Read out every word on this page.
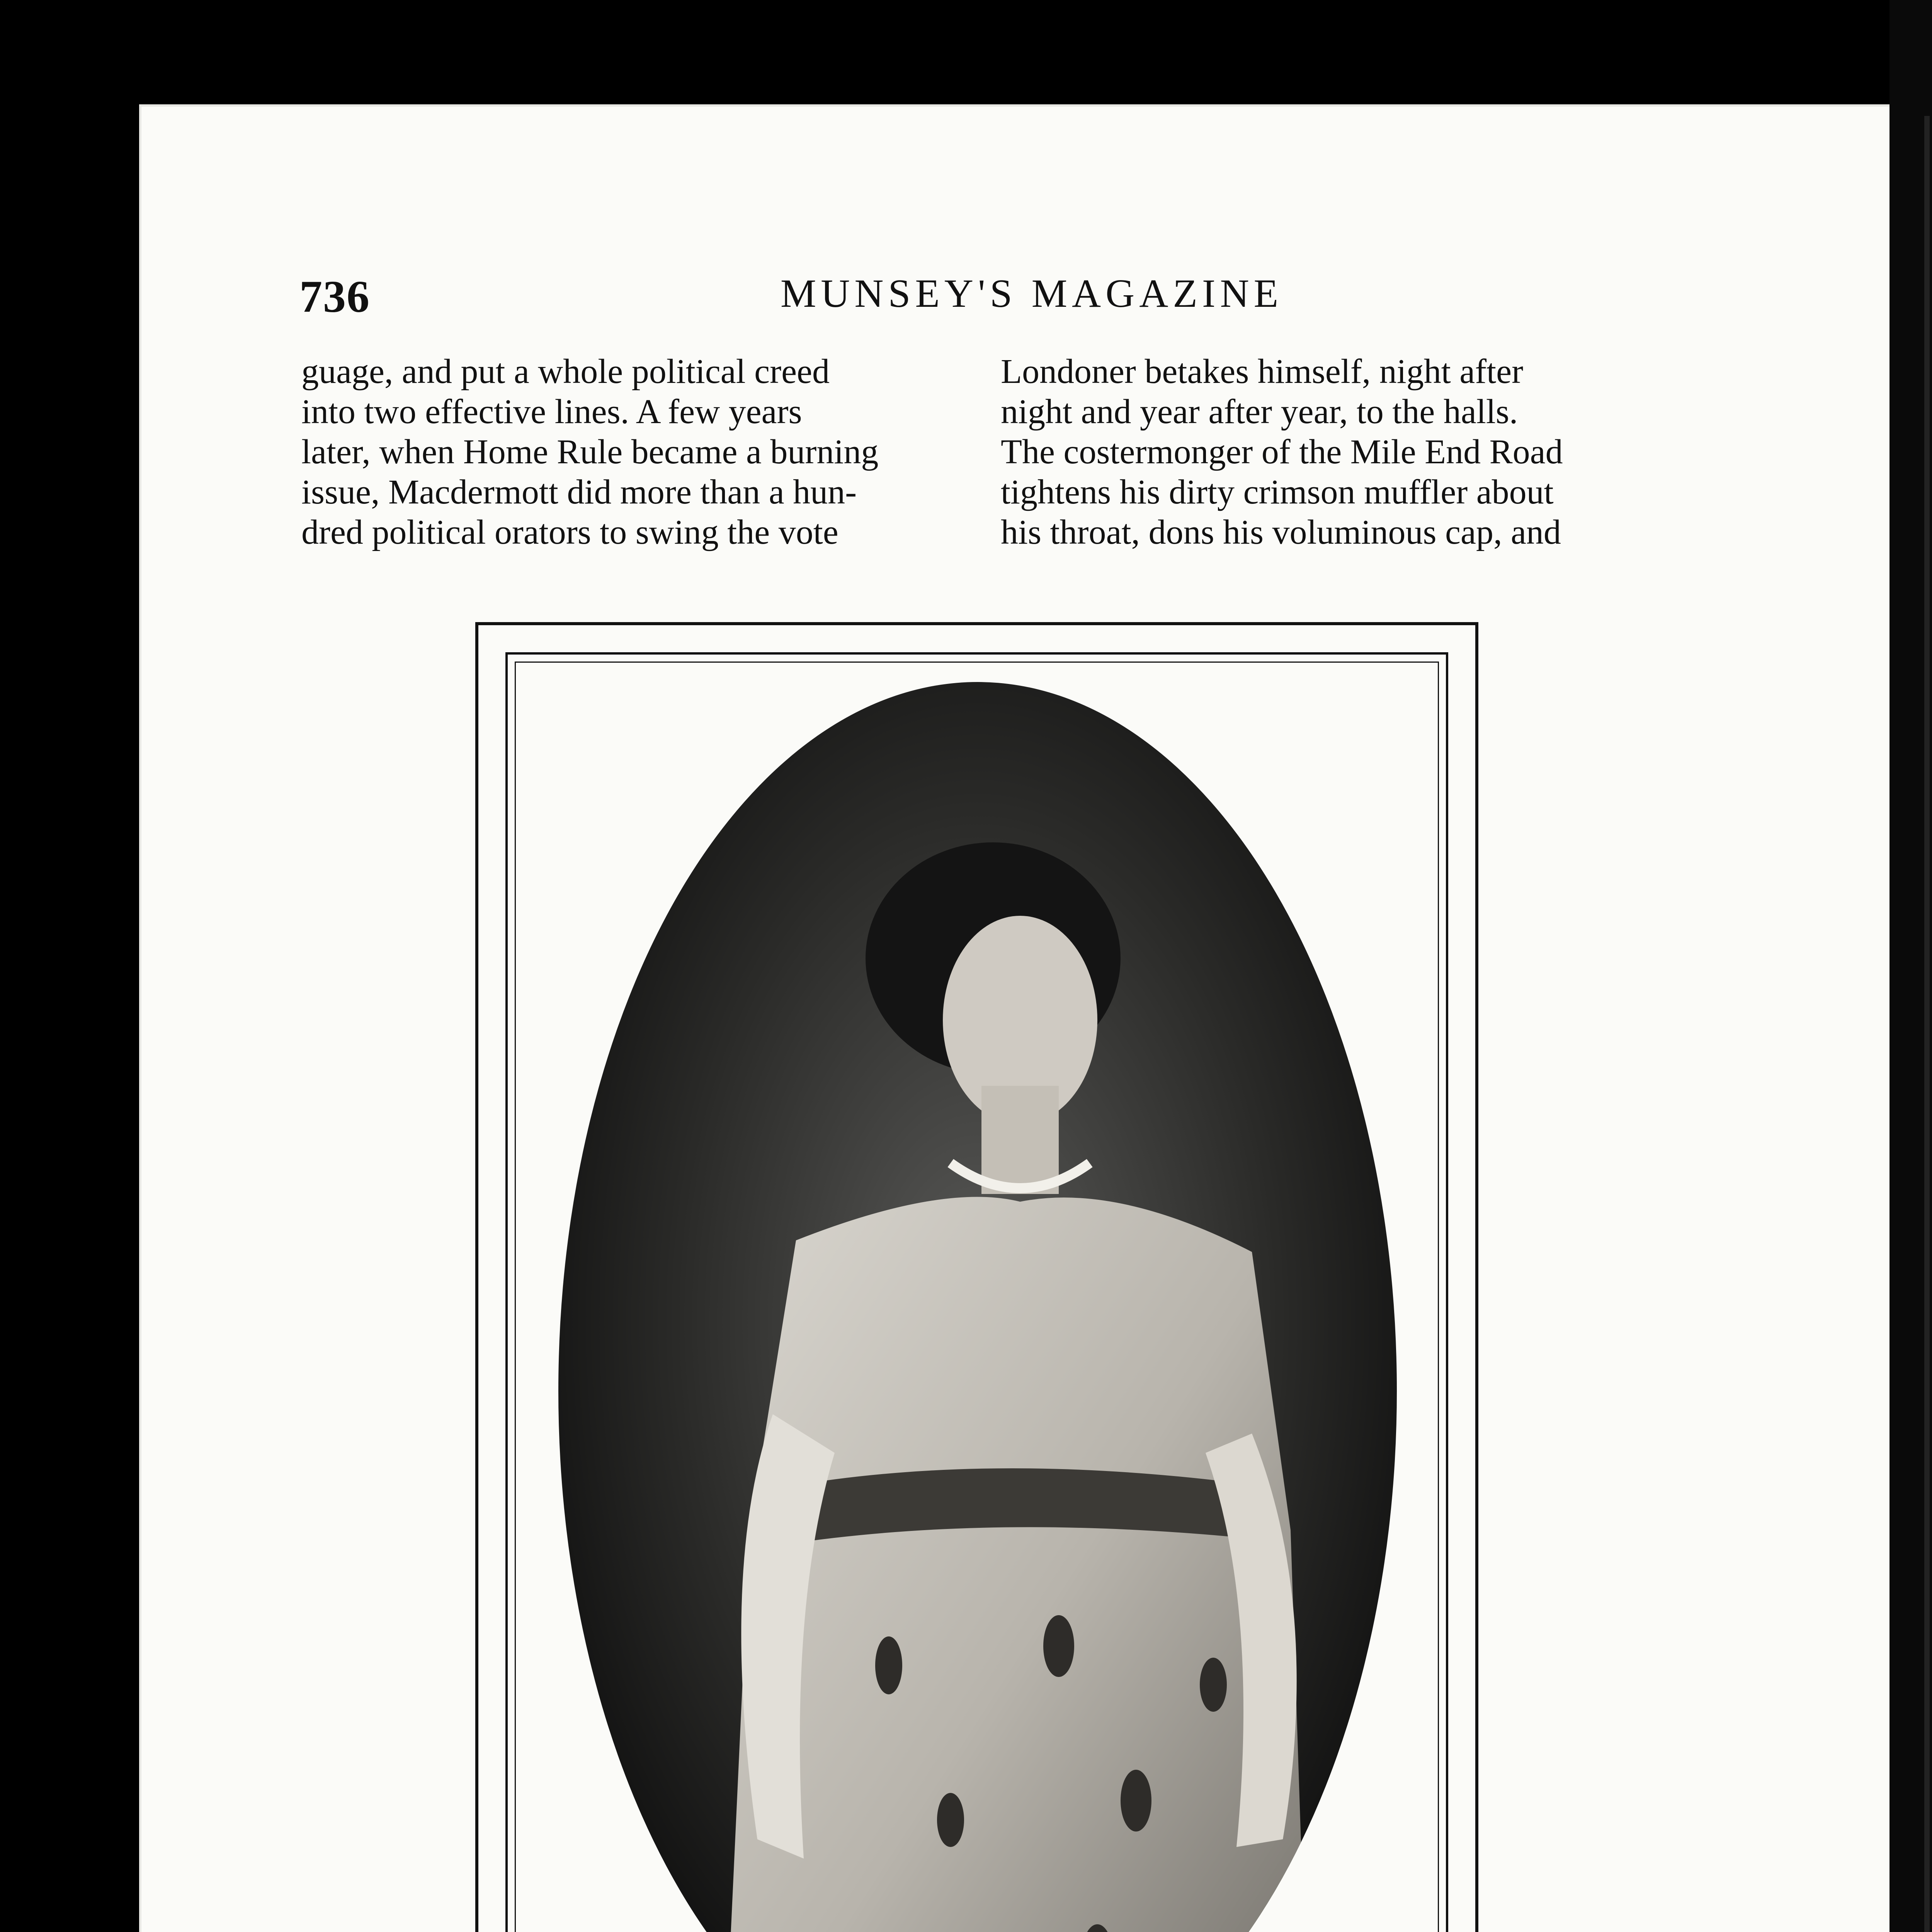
736	MUNSEY'S MAGAZINE

guage, and put a whole political creed

into two effective lines. A few years

later, when Home Rule became a burning

issue, Macdermott did more than a hun-

dred political orators to swing the vote

Londoner betakes himself, night after

night and year after year, to the halls.

The costermonger of the Mile End Road

tightens his dirty crimson muffler about

his throat, dons his voluminous cap, and
